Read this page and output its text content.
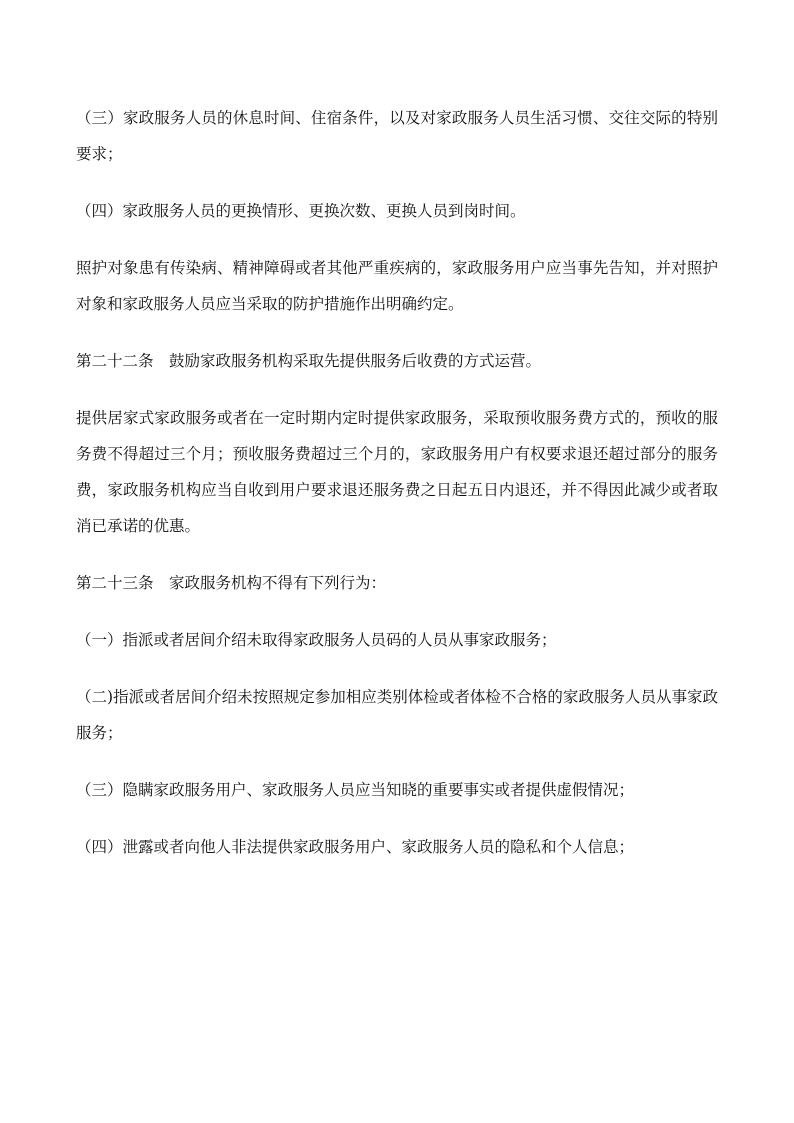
（三）家政服务人员的休息时间、住宿条件，以及对家政服务人员生活习惯、交往交际的特别要求；

（四）家政服务人员的更换情形、更换次数、更换人员到岗时间。

照护对象患有传染病、精神障碍或者其他严重疾病的，家政服务用户应当事先告知，并对照护对象和家政服务人员应当采取的防护措施作出明确约定。

第二十二条　鼓励家政服务机构采取先提供服务后收费的方式运营。

提供居家式家政服务或者在一定时期内定时提供家政服务，采取预收服务费方式的，预收的服务费不得超过三个月；预收服务费超过三个月的，家政服务用户有权要求退还超过部分的服务费，家政服务机构应当自收到用户要求退还服务费之日起五日内退还，并不得因此减少或者取消已承诺的优惠。

第二十三条　家政服务机构不得有下列行为：

（一）指派或者居间介绍未取得家政服务人员码的人员从事家政服务；

（二)指派或者居间介绍未按照规定参加相应类别体检或者体检不合格的家政服务人员从事家政服务；

（三）隐瞒家政服务用户、家政服务人员应当知晓的重要事实或者提供虚假情况；

（四）泄露或者向他人非法提供家政服务用户、家政服务人员的隐私和个人信息；
